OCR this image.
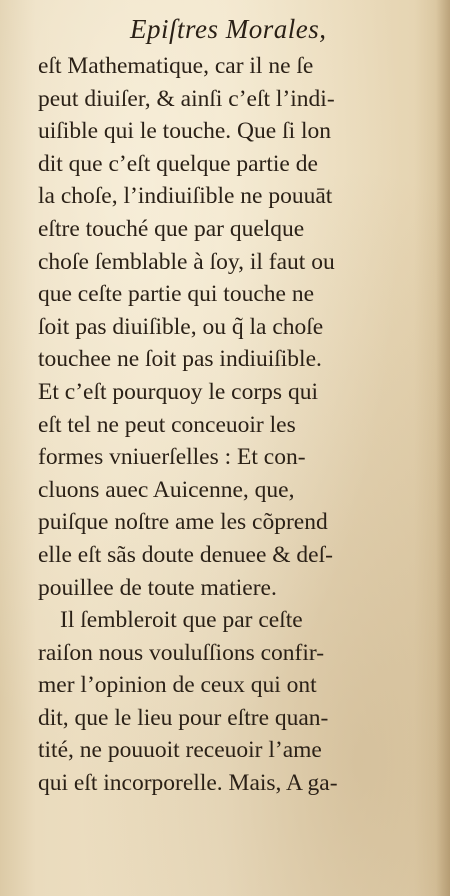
Epiſtres Morales,
eſt Mathematique, car il ne ſe
peut diuiſer, & ainſi c’eſt l’indi-
uiſible qui le touche. Que ſi lon
dit que c’eſt quelque partie de
la choſe, l’indiuiſible ne pouuāt
eſtre touché que par quelque
choſe ſemblable à ſoy, il faut ou
que ceſte partie qui touche ne
ſoit pas diuiſible, ou q̃ la choſe
touchee ne ſoit pas indiuiſible.
Et c’eſt pourquoy le corps qui
eſt tel ne peut conceuoir les
formes vniuerſelles : Et con-
cluons auec Auicenne, que,
puiſque noſtre ame les cõprend
elle eſt sãs doute denuee & deſ-
pouillee de toute matiere.
Il ſembleroit que par ceſte
raiſon nous vouluſſions confir-
mer l’opinion de ceux qui ont
dit, que le lieu pour eſtre quan-
tité, ne pouuoit receuoir l’ame
qui eſt incorporelle. Mais, A ga-
